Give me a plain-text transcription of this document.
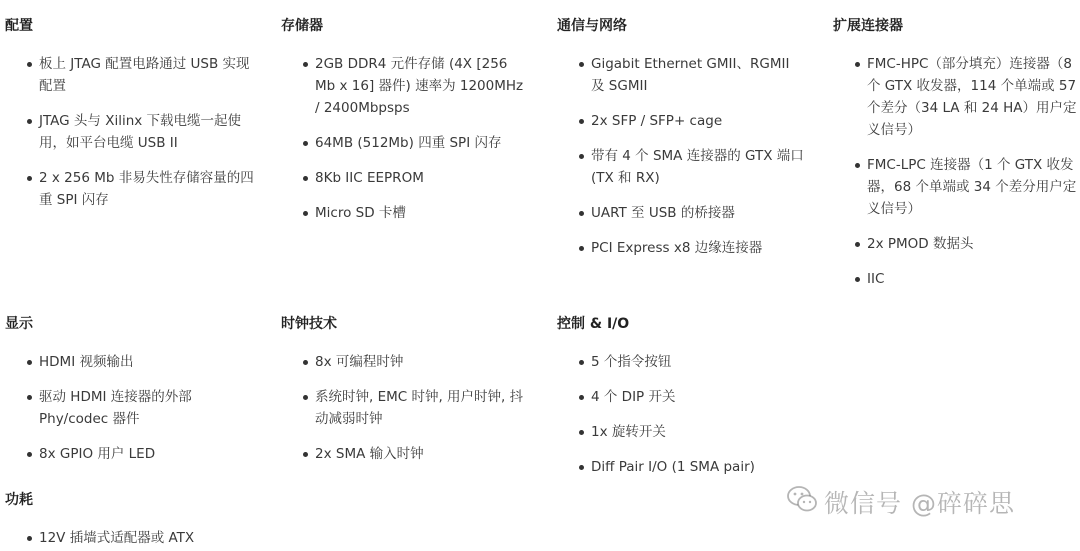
配置
板上 JTAG 配置电路通过 USB 实现配置
JTAG 头与 Xilinx 下载电缆一起使用，如平台电缆 USB II
2 x 256 Mb 非易失性存储容量的四重 SPI 闪存
存储器
2GB DDR4 元件存储 (4X [256 Mb x 16] 器件) 速率为 1200MHz / 2400Mbpsps
64MB (512Mb) 四重 SPI 闪存
8Kb IIC EEPROM
Micro SD 卡槽
通信与网络
Gigabit Ethernet GMII、RGMII 及 SGMII
2x SFP / SFP+ cage
带有 4 个 SMA 连接器的 GTX 端口 (TX 和 RX)
UART 至 USB 的桥接器
PCI Express x8 边缘连接器
扩展连接器
FMC-HPC（部分填充）连接器（8 个 GTX 收发器，114 个单端或 57 个差分（34 LA 和 24 HA）用户定义信号）
FMC-LPC 连接器（1 个 GTX 收发器，68 个单端或 34 个差分用户定义信号）
2x PMOD 数据头
IIC
显示
HDMI 视频输出
驱动 HDMI 连接器的外部 Phy/codec 器件
8x GPIO 用户 LED
时钟技术
8x 可编程时钟
系统时钟, EMC 时钟, 用户时钟, 抖动减弱时钟
2x SMA 输入时钟
控制 & I/O
5 个指令按钮
4 个 DIP 开关
1x 旋转开关
Diff Pair I/O (1 SMA pair)
功耗
12V 插墙式适配器或 ATX
微信号 @碎碎思
